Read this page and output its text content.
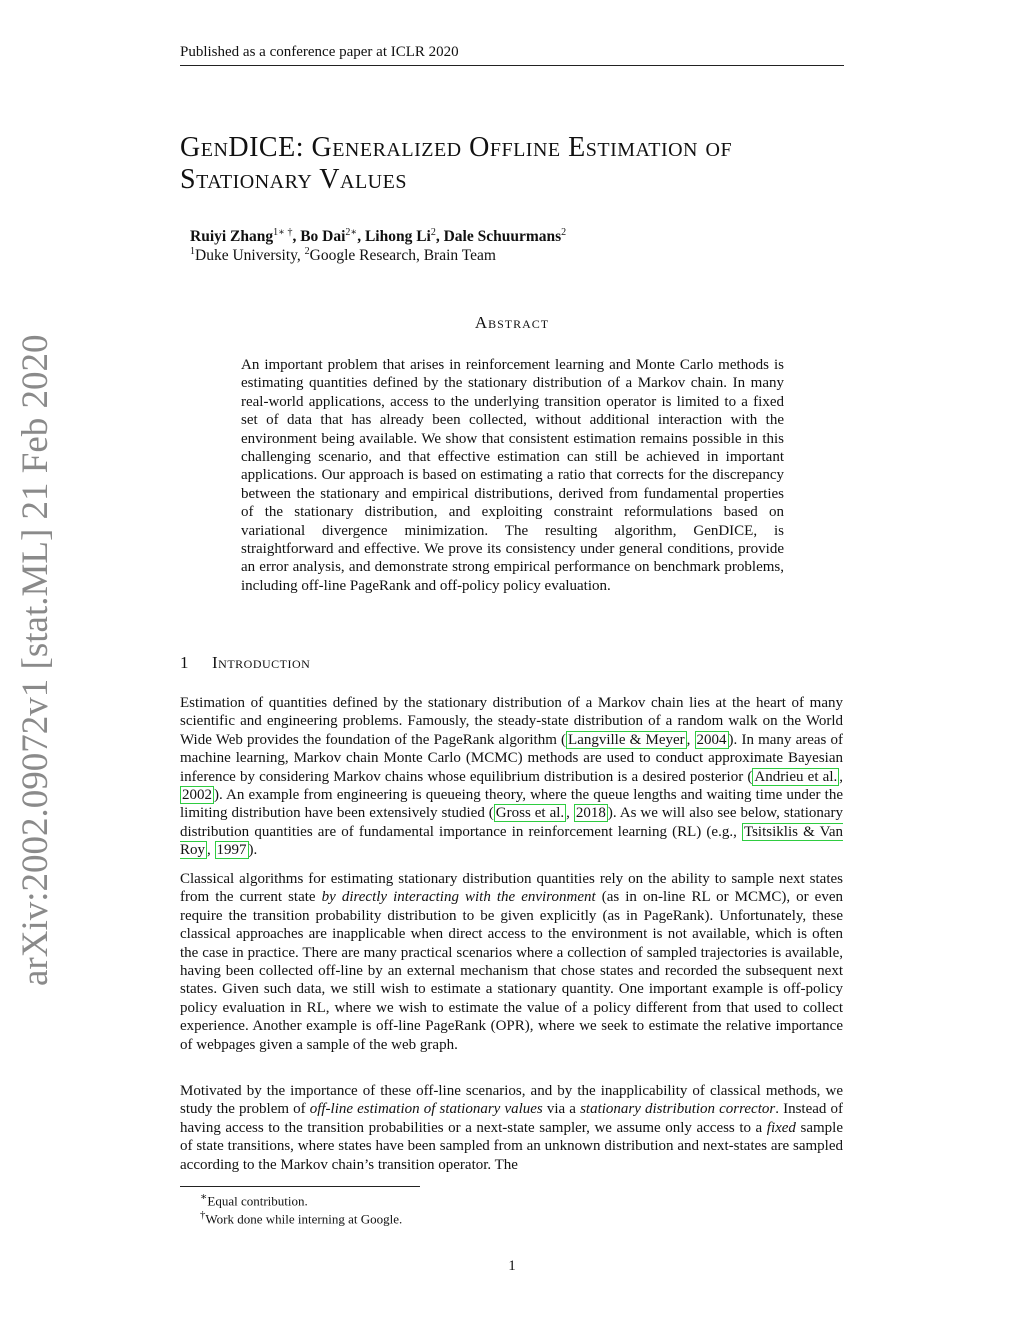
Published as a conference paper at ICLR 2020
arXiv:2002.09072v1 [stat.ML] 21 Feb 2020
GenDICE: Generalized Offline Estimation of
Stationary Values
Ruiyi Zhang$^{1∗ \dagger}$, Bo Dai$^{2∗}$, Lihong Li$^2$, Dale Schuurmans$^2$
$^1$Duke University, $^2$Google Research, Brain Team
Abstract
An important problem that arises in reinforcement learning and Monte Carlo methods is estimating quantities defined by the stationary distribution of a Markov chain. In many real-world applications, access to the underlying transition operator is limited to a fixed set of data that has already been collected, without additional interaction with the environment being available. We show that consistent estimation remains possible in this challenging scenario, and that effective estimation can still be achieved in important applications. Our approach is based on estimating a ratio that corrects for the discrepancy between the stationary and empirical distributions, derived from fundamental properties of the stationary distribution, and exploiting constraint reformulations based on variational divergence minimization. The resulting algorithm, GenDICE, is straightforward and effective. We prove its consistency under general conditions, provide an error analysis, and demonstrate strong empirical performance on benchmark problems, including off-line PageRank and off-policy policy evaluation.
1 Introduction

Estimation of quantities defined by the stationary distribution of a Markov chain lies at the heart of many scientific and engineering problems. Famously, the steady-state distribution of a random walk on the World Wide Web provides the foundation of the PageRank algorithm ( Langville & Meyer , 2004 ). In many areas of machine learning, Markov chain Monte Carlo (MCMC) methods are used to conduct approximate Bayesian inference by considering Markov chains whose equilibrium distribution is a desired posterior ( Andrieu et al. , 2002 ). An example from engineering is queueing theory, where the queue lengths and waiting time under the limiting distribution have been extensively studied ( Gross et al. , 2018 ). As we will also see below, stationary distribution quantities are of fundamental importance in reinforcement learning (RL) (e.g., Tsitsiklis & Van Roy , 1997 ).

Classical algorithms for estimating stationary distribution quantities rely on the ability to sample next states from the current state by directly interacting with the environment (as in on-line RL or MCMC), or even require the transition probability distribution to be given explicitly (as in PageRank). Unfortunately, these classical approaches are inapplicable when direct access to the environment is not available, which is often the case in practice. There are many practical scenarios where a collection of sampled trajectories is available, having been collected off-line by an external mechanism that chose states and recorded the subsequent next states. Given such data, we still wish to estimate a stationary quantity. One important example is off-policy policy evaluation in RL, where we wish to estimate the value of a policy different from that used to collect experience. Another example is off-line PageRank (OPR), where we seek to estimate the relative importance of webpages given a sample of the web graph.

Motivated by the importance of these off-line scenarios, and by the inapplicability of classical methods, we study the problem of off-line estimation of stationary values via a stationary distribution corrector. Instead of having access to the transition probabilities or a next-state sampler, we assume only access to a fixed sample of state transitions, where states have been sampled from an unknown distribution and next-states are sampled according to the Markov chain’s transition operator. The

∗Equal contribution.
†Work done while interning at Google.
1
